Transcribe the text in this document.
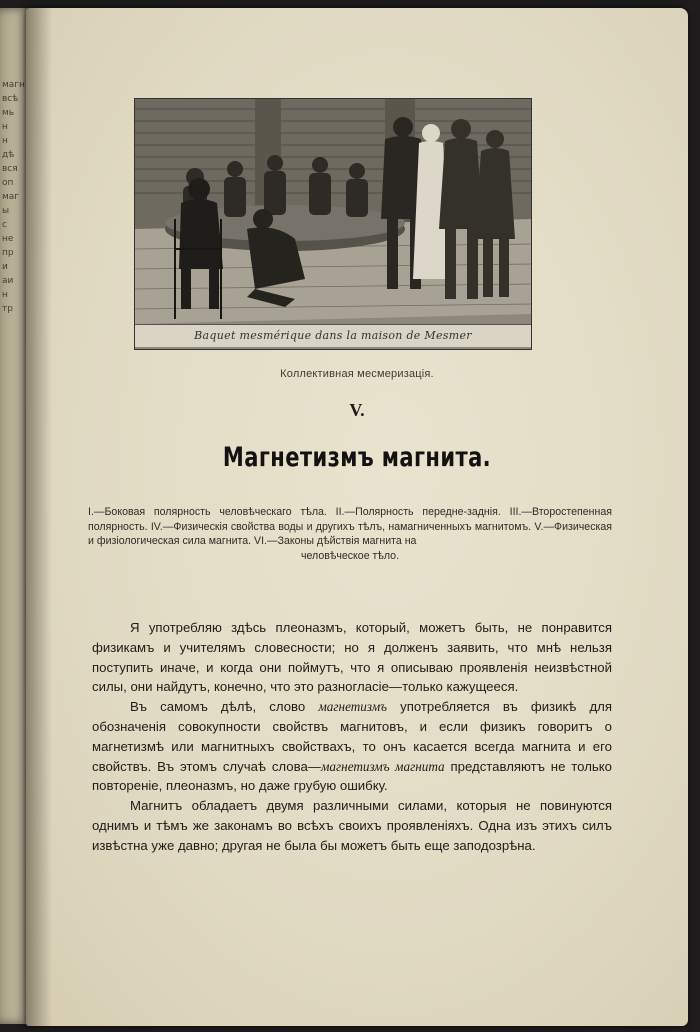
магн
всѣ
мь
н
н
дѣ
вся
оп
маг
ы
с
не
пр
и
аи
н
тр
Baquet mesmérique dans la maison de Mesmer
Коллективная месмеризація.
V.
Магнетизмъ магнита.
I.—Боковая полярность человѣческаго тѣла. II.—Полярность передне-заднія. III.—Второстепенная полярность. IV.—Физическія свойства воды и другихъ тѣлъ, намагниченныхъ магнитомъ. V.—Физическая и физіологическая сила магнита. VI.—Законы дѣйствія магнита на
человѣческое тѣло.

Я употребляю здѣсь плеоназмъ, который, можетъ быть, не понравится физикамъ и учителямъ словесности; но я долженъ заявить, что мнѣ нельзя поступить иначе, и когда они поймутъ, что я описываю проявленія неизвѣстной силы, они найдутъ, конечно, что это разногласіе—только кажущееся.

Въ самомъ дѣлѣ, слово магнетизмъ употребляется въ физикѣ для обозначенія совокупности свойствъ магнитовъ, и если физикъ говоритъ о магнетизмѣ или магнитныхъ свойствахъ, то онъ касается всегда магнита и его свойствъ. Въ этомъ случаѣ слова—магнетизмъ магнита представляютъ не только повтореніе, плеоназмъ, но даже грубую ошибку.

Магнитъ обладаетъ двумя различными силами, которыя не повинуются однимъ и тѣмъ же законамъ во всѣхъ своихъ проявленіяхъ. Одна изъ этихъ силъ извѣстна уже давно; другая не была бы можетъ быть еще заподозрѣна.
